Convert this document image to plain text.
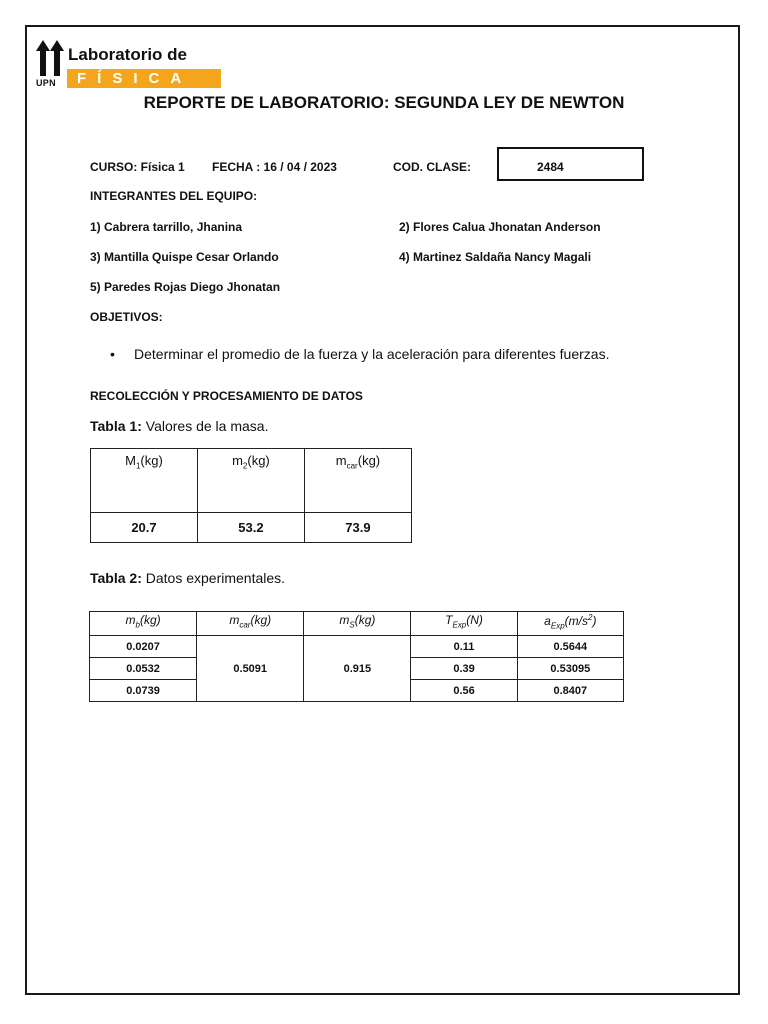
UPN
Laboratorio de
FÍSICA
REPORTE DE LABORATORIO: SEGUNDA LEY DE NEWTON
CURSO: Física 1 FECHA : 16 / 04 / 2023	COD. CLASE:	2484
INTEGRANTES DEL EQUIPO:
1) Cabrera tarrillo, Jhanina	2) Flores Calua Jhonatan Anderson
3) Mantilla Quispe Cesar Orlando	4) Martinez Saldaña Nancy Magali
5) Paredes Rojas Diego Jhonatan
OBJETIVOS:
• Determinar el promedio de la fuerza y la aceleración para diferentes fuerzas.
RECOLECCIÓN Y PROCESAMIENTO DE DATOS
Tabla 1: Valores de la masa.
$M_1(kg)$	$m_2(kg)$	$m_{car}(kg)$
20.7	53.2	73.9
Tabla 2: Datos experimentales.
$m_b(kg)$	$m_{car}(kg)$	$m_S(kg)$	$T_{Exp}(N)$	$a_{Exp}(m/s^2)$
0.0207	0.5091	0.915	0.11	0.5644
0.0532			0.39	0.53095
0.0739			0.56	0.8407
